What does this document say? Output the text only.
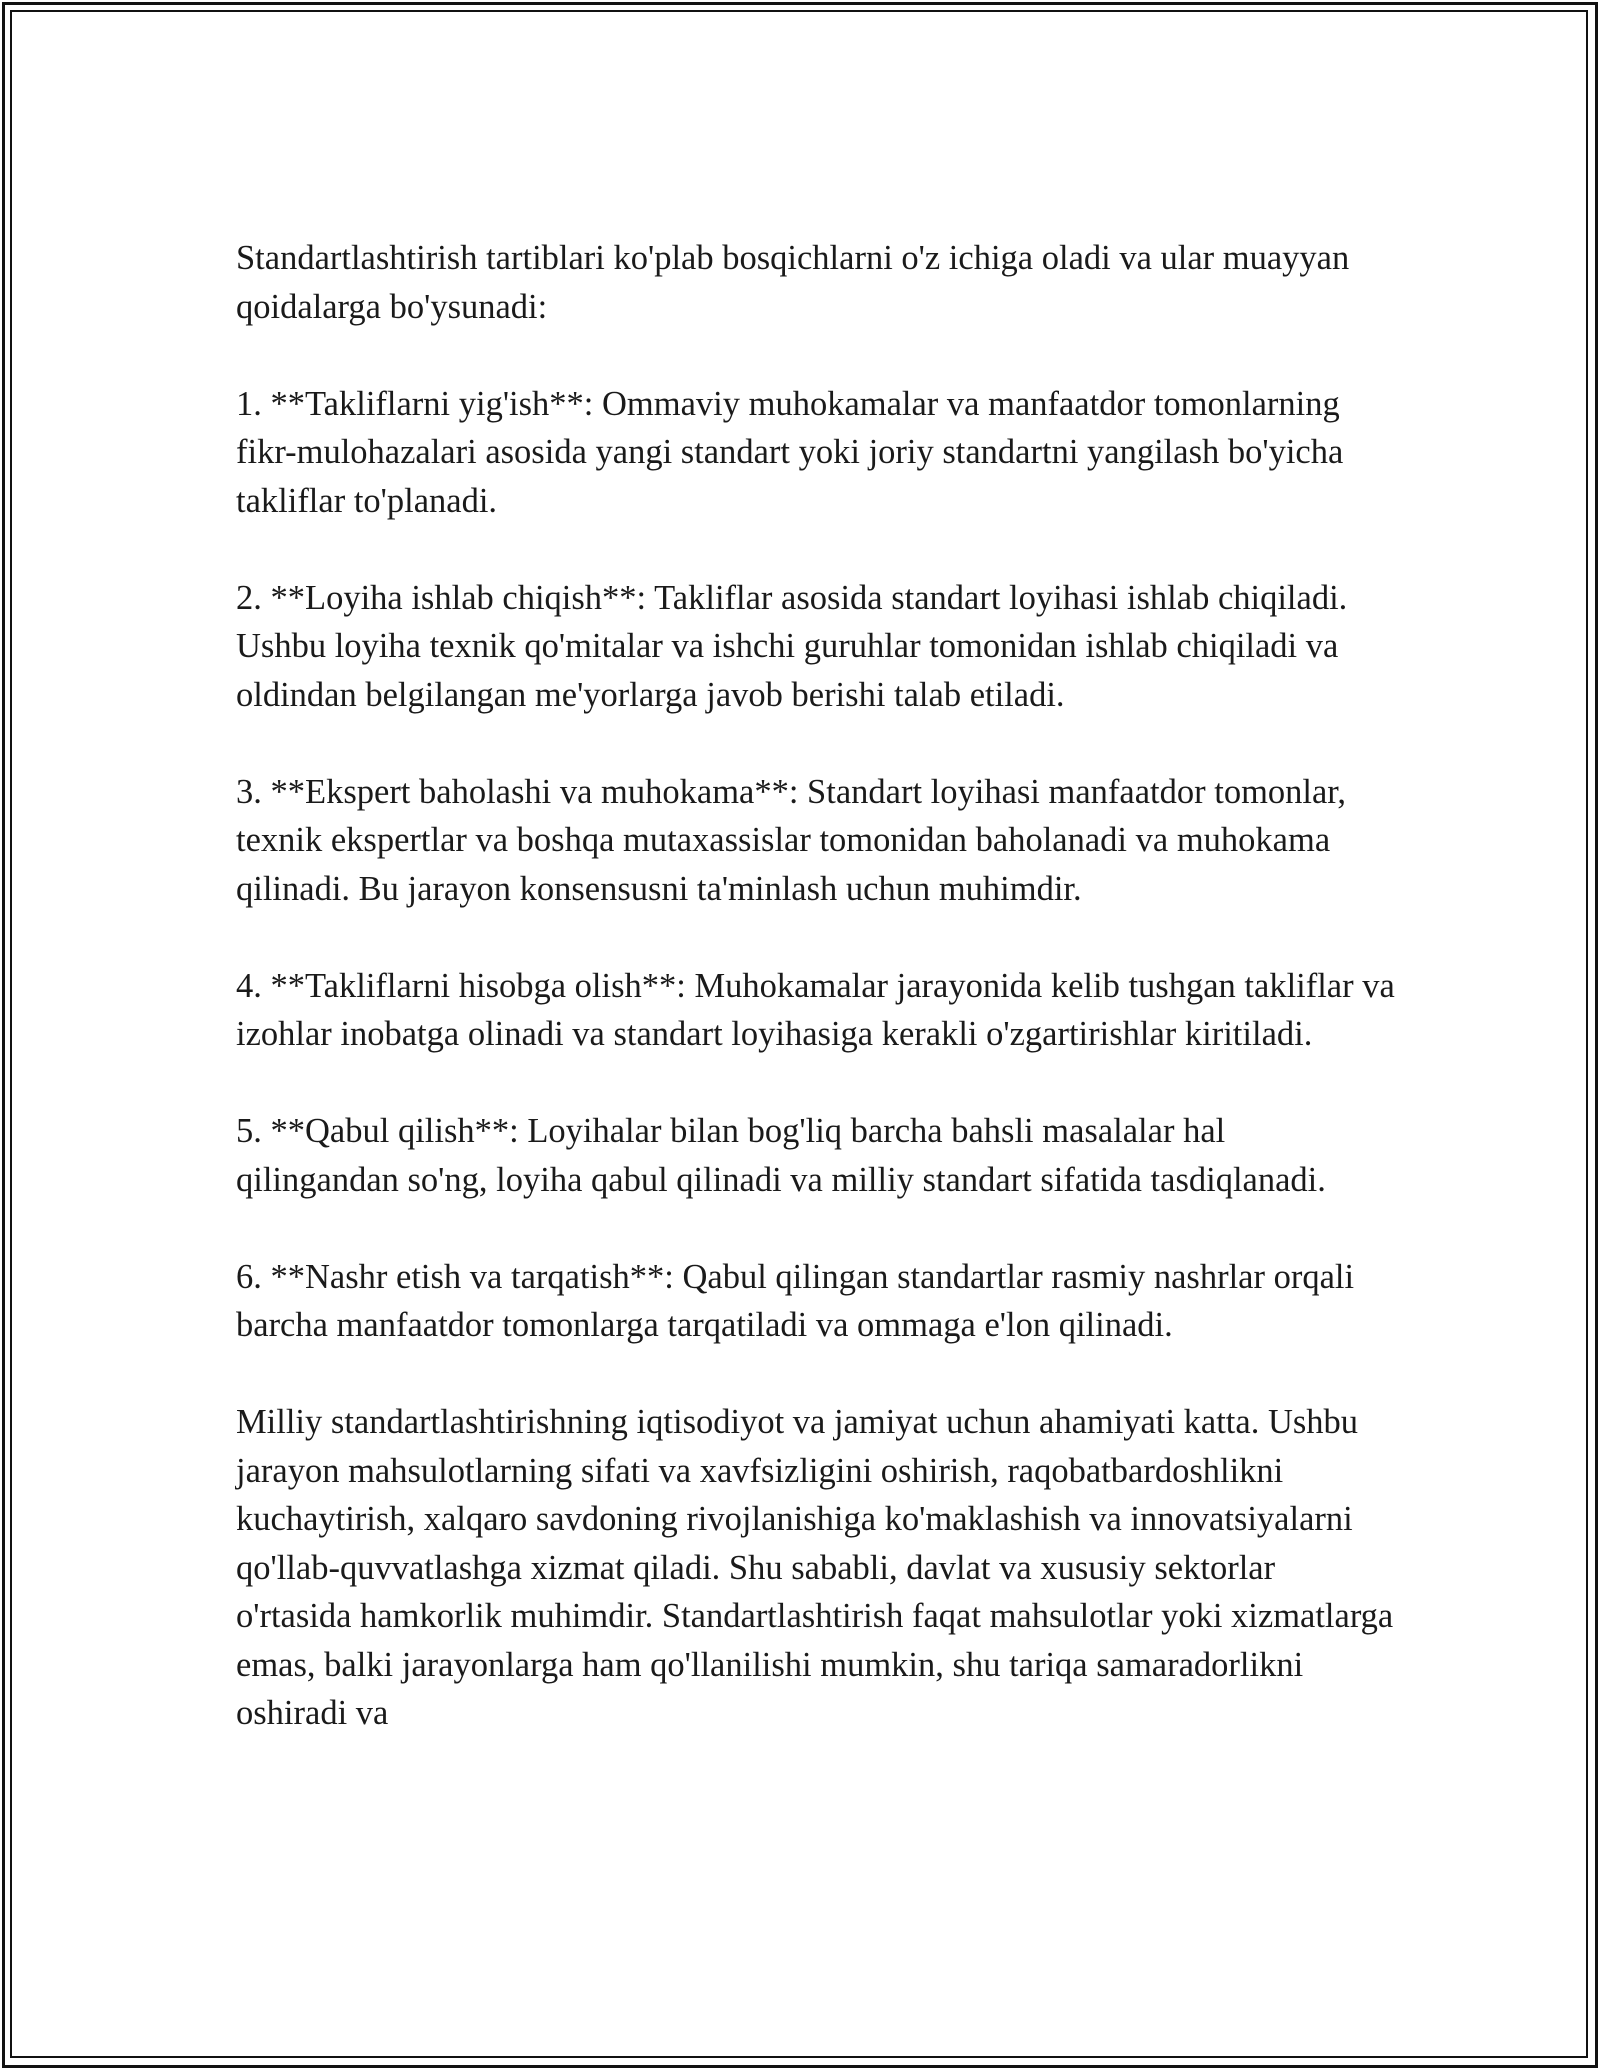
Standartlashtirish tartiblari ko'plab bosqichlarni o'z ichiga oladi va ular muayyan qoidalarga bo'ysunadi:

1. **Takliflarni yig'ish**: Ommaviy muhokamalar va manfaatdor tomonlarning fikr-mulohazalari asosida yangi standart yoki joriy standartni yangilash bo'yicha takliflar to'planadi.

2. **Loyiha ishlab chiqish**: Takliflar asosida standart loyihasi ishlab chiqiladi. Ushbu loyiha texnik qo'mitalar va ishchi guruhlar tomonidan ishlab chiqiladi va oldindan belgilangan me'yorlarga javob berishi talab etiladi.

3. **Ekspert baholashi va muhokama**: Standart loyihasi manfaatdor tomonlar, texnik ekspertlar va boshqa mutaxassislar tomonidan baholanadi va muhokama qilinadi. Bu jarayon konsensusni ta'minlash uchun muhimdir.

4. **Takliflarni hisobga olish**: Muhokamalar jarayonida kelib tushgan takliflar va izohlar inobatga olinadi va standart loyihasiga kerakli o'zgartirishlar kiritiladi.

5. **Qabul qilish**: Loyihalar bilan bog'liq barcha bahsli masalalar hal qilingandan so'ng, loyiha qabul qilinadi va milliy standart sifatida tasdiqlanadi.

6. **Nashr etish va tarqatish**: Qabul qilingan standartlar rasmiy nashrlar orqali barcha manfaatdor tomonlarga tarqatiladi va ommaga e'lon qilinadi.

Milliy standartlashtirishning iqtisodiyot va jamiyat uchun ahamiyati katta. Ushbu jarayon mahsulotlarning sifati va xavfsizligini oshirish, raqobatbardoshlikni kuchaytirish, xalqaro savdoning rivojlanishiga ko'maklashish va innovatsiyalarni qo'llab-quvvatlashga xizmat qiladi. Shu sababli, davlat va xususiy sektorlar o'rtasida hamkorlik muhimdir. Standartlashtirish faqat mahsulotlar yoki xizmatlarga emas, balki jarayonlarga ham qo'llanilishi mumkin, shu tariqa samaradorlikni oshiradi va
